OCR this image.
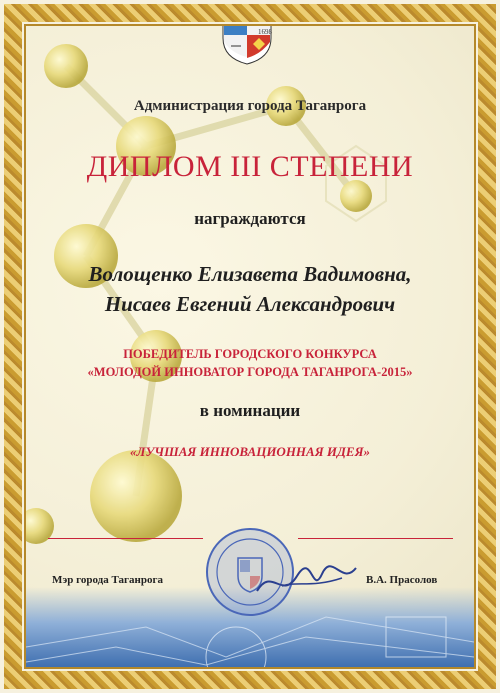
1698
Администрация города Таганрога
ДИПЛОМ III СТЕПЕНИ
награждаются
Волощенко Елизавета Вадимовна,
Нисаев Евгений Александрович
ПОБЕДИТЕЛЬ ГОРОДСКОГО КОНКУРСА
«МОЛОДОЙ ИННОВАТОР ГОРОДА ТАГАНРОГА-2015»
в номинации
«ЛУЧШАЯ ИННОВАЦИОННАЯ ИДЕЯ»
Мэр города Таганрога	В.А. Прасолов
